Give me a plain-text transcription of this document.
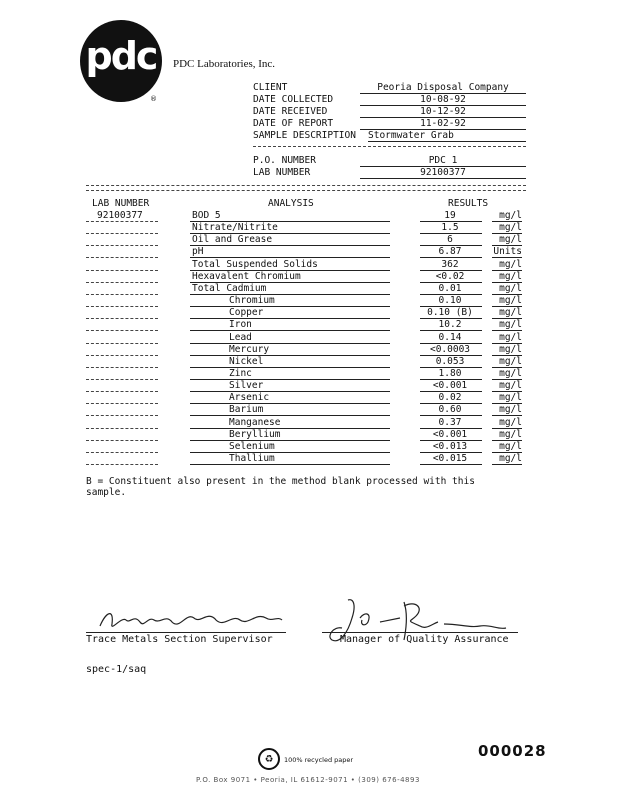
pdc
®
PDC Laboratories, Inc.
CLIENT	Peoria Disposal Company
DATE COLLECTED	10-08-92
DATE RECEIVED	10-12-92
DATE OF REPORT	11-02-92
SAMPLE DESCRIPTION Stormwater Grab
P.O. NUMBER	PDC 1
LAB NUMBER	92100377
LAB NUMBER	ANALYSIS	RESULTS
92100377	BOD 5	19	mg/l
Nitrate/Nitrite	1.5	mg/l
Oil and Grease	6	mg/l
pH	6.87	Units
Total Suspended Solids	362	mg/l
Hexavalent Chromium	<0.02	mg/l
Total Cadmium	0.01	mg/l
Chromium	0.10	mg/l
Copper	0.10 (B)	mg/l
Iron	10.2	mg/l
Lead	0.14	mg/l
Mercury	<0.0003	mg/l
Nickel	0.053	mg/l
Zinc	1.80	mg/l
Silver	<0.001	mg/l
Arsenic	0.02	mg/l
Barium	0.60	mg/l
Manganese	0.37	mg/l
Beryllium	<0.001	mg/l
Selenium	<0.013	mg/l
Thallium	<0.015	mg/l
B = Constituent also present in the method blank processed with this sample.
Trace Metals Section Supervisor	Manager of Quality Assurance
spec-1/saq
000028
♻	100% recycled paper
P.O. Box 9071 • Peoria, IL 61612-9071 • (309) 676-4893
